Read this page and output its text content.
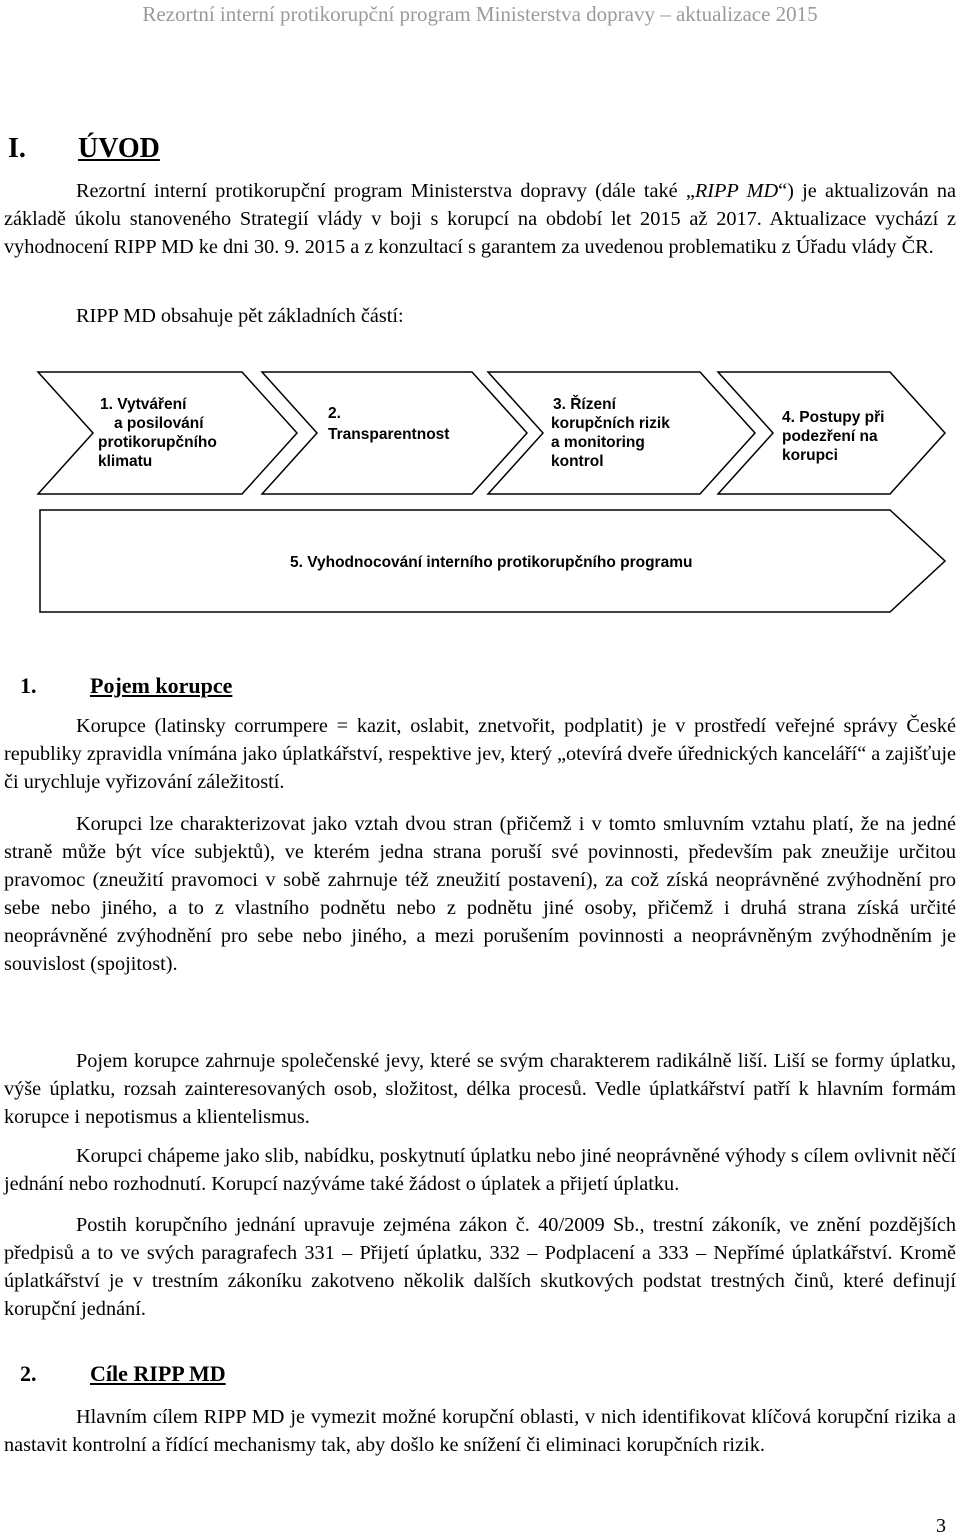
Rezortní interní protikorupční program Ministerstva dopravy – aktualizace 2015
I. ÚVOD

Rezortní interní protikorupční program Ministerstva dopravy (dále také „RIPP MD“) je aktualizován na základě úkolu stanoveného Strategií vlády v boji s korupcí na období let 2015 až 2017. Aktualizace vychází z vyhodnocení RIPP MD ke dni 30. 9. 2015 a z konzultací s garantem za uvedenou problematiku z Úřadu vlády ČR.

RIPP MD obsahuje pět základních částí:

1. Vytváření a posilování protikorupčního klimatu
2. Transparentnost
3. Řízení korupčních rizik a monitoring kontrol
4. Postupy při podezření na korupci
5. Vyhodnocování interního protikorupčního programu
1. Pojem korupce

Korupce (latinsky corrumpere = kazit, oslabit, znetvořit, podplatit) je v prostředí veřejné správy České republiky zpravidla vnímána jako úplatkářství, respektive jev, který „otevírá dveře úřednických kanceláří“ a zajišťuje či urychluje vyřizování záležitostí.

Korupci lze charakterizovat jako vztah dvou stran (přičemž i v tomto smluvním vztahu platí, že na jedné straně může být více subjektů), ve kterém jedna strana poruší své povinnosti, především pak zneužije určitou pravomoc (zneužití pravomoci v sobě zahrnuje též zneužití postavení), za což získá neoprávněné zvýhodnění pro sebe nebo jiného, a to z vlastního podnětu nebo z podnětu jiné osoby, přičemž i druhá strana získá určité neoprávněné zvýhodnění pro sebe nebo jiného, a mezi porušením povinnosti a neoprávněným zvýhodněním je souvislost (spojitost).

Pojem korupce zahrnuje společenské jevy, které se svým charakterem radikálně liší. Liší se formy úplatku, výše úplatku, rozsah zainteresovaných osob, složitost, délka procesů. Vedle úplatkářství patří k hlavním formám korupce i nepotismus a klientelismus.

Korupci chápeme jako slib, nabídku, poskytnutí úplatku nebo jiné neoprávněné výhody s cílem ovlivnit něčí jednání nebo rozhodnutí. Korupcí nazýváme také žádost o úplatek a přijetí úplatku.

Postih korupčního jednání upravuje zejména zákon č. 40/2009 Sb., trestní zákoník, ve znění pozdějších předpisů a to ve svých paragrafech 331 – Přijetí úplatku, 332 – Podplacení a 333 – Nepřímé úplatkářství. Kromě úplatkářství je v trestním zákoníku zakotveno několik dalších skutkových podstat trestných činů, které definují korupční jednání.

2. Cíle RIPP MD

Hlavním cílem RIPP MD je vymezit možné korupční oblasti, v nich identifikovat klíčová korupční rizika a nastavit kontrolní a řídící mechanismy tak, aby došlo ke snížení či eliminaci korupčních rizik.

3
